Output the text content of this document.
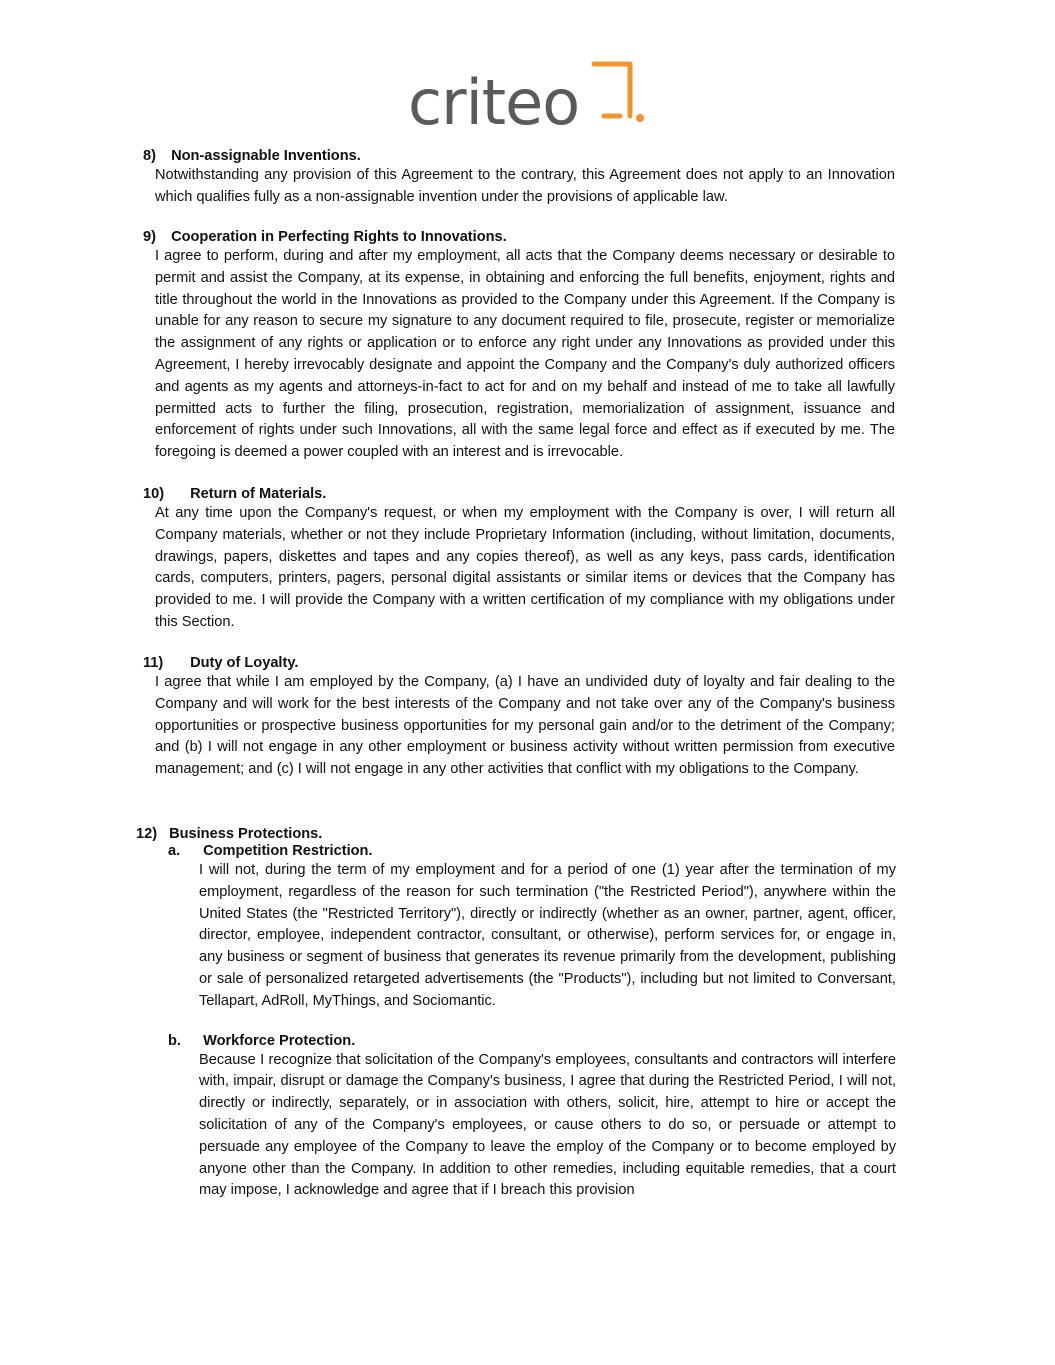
criteo
8) Non-assignable Inventions.
Notwithstanding any provision of this Agreement to the contrary, this Agreement does not apply to an Innovation which qualifies fully as a non-assignable invention under the provisions of applicable law.
9) Cooperation in Perfecting Rights to Innovations.
I agree to perform, during and after my employment, all acts that the Company deems necessary or desirable to permit and assist the Company, at its expense, in obtaining and enforcing the full benefits, enjoyment, rights and title throughout the world in the Innovations as provided to the Company under this Agreement. If the Company is unable for any reason to secure my signature to any document required to file, prosecute, register or memorialize the assignment of any rights or application or to enforce any right under any Innovations as provided under this Agreement, I hereby irrevocably designate and appoint the Company and the Company's duly authorized officers and agents as my agents and attorneys-in-fact to act for and on my behalf and instead of me to take all lawfully permitted acts to further the filing, prosecution, registration, memorialization of assignment, issuance and enforcement of rights under such Innovations, all with the same legal force and effect as if executed by me. The foregoing is deemed a power coupled with an interest and is irrevocable.
10) Return of Materials.
At any time upon the Company's request, or when my employment with the Company is over, I will return all Company materials, whether or not they include Proprietary Information (including, without limitation, documents, drawings, papers, diskettes and tapes and any copies thereof), as well as any keys, pass cards, identification cards, computers, printers, pagers, personal digital assistants or similar items or devices that the Company has provided to me. I will provide the Company with a written certification of my compliance with my obligations under this Section.
11) Duty of Loyalty.
I agree that while I am employed by the Company, (a) I have an undivided duty of loyalty and fair dealing to the Company and will work for the best interests of the Company and not take over any of the Company's business opportunities or prospective business opportunities for my personal gain and/or to the detriment of the Company; and (b) I will not engage in any other employment or business activity without written permission from executive management; and (c) I will not engage in any other activities that conflict with my obligations to the Company.
12) Business Protections.
a. Competition Restriction.
I will not, during the term of my employment and for a period of one (1) year after the termination of my employment, regardless of the reason for such termination ("the Restricted Period"), anywhere within the United States (the "Restricted Territory"), directly or indirectly (whether as an owner, partner, agent, officer, director, employee, independent contractor, consultant, or otherwise), perform services for, or engage in, any business or segment of business that generates its revenue primarily from the development, publishing or sale of personalized retargeted advertisements (the "Products"), including but not limited to Conversant, Tellapart, AdRoll, MyThings, and Sociomantic.
b. Workforce Protection.
Because I recognize that solicitation of the Company's employees, consultants and contractors will interfere with, impair, disrupt or damage the Company's business, I agree that during the Restricted Period, I will not, directly or indirectly, separately, or in association with others, solicit, hire, attempt to hire or accept the solicitation of any of the Company's employees, or cause others to do so, or persuade or attempt to persuade any employee of the Company to leave the employ of the Company or to become employed by anyone other than the Company. In addition to other remedies, including equitable remedies, that a court may impose, I acknowledge and agree that if I breach this provision
